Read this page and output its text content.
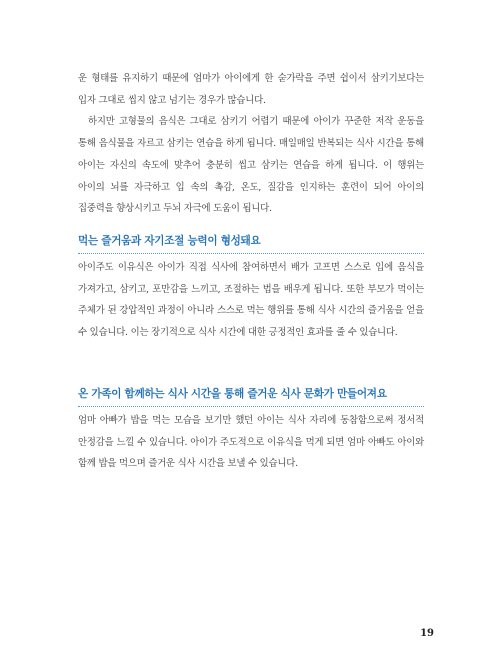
운 형태를 유지하기 때문에 엄마가 아이에게 한 숟가락을 주면 쉽이서 삼키기보다는 입자 그대로 씹지 않고 넘기는 경우가 많습니다.

하지만 고형물의 음식은 그대로 삼키기 어렵기 때문에 아이가 꾸준한 저작 운동을 통해 음식물을 자르고 삼키는 연습을 하게 됩니다. 매일매일 반복되는 식사 시간을 통해 아이는 자신의 속도에 맞추어 충분히 씹고 삼키는 연습을 하게 됩니다. 이 행위는 아이의 뇌를 자극하고 입 속의 촉감, 온도, 질감을 인지하는 훈련이 되어 아이의 집중력을 향상시키고 두뇌 자극에 도움이 됩니다.

먹는 즐거움과 자기조절 능력이 형성돼요

아이주도 이유식은 아이가 직접 식사에 참여하면서 배가 고프면 스스로 입에 음식을 가져가고, 삼키고, 포만감을 느끼고, 조절하는 법을 배우게 됩니다. 또한 부모가 먹이는 주체가 된 강압적인 과정이 아니라 스스로 먹는 행위를 통해 식사 시간의 즐거움을 얻을 수 있습니다. 이는 장기적으로 식사 시간에 대한 긍정적인 효과를 줄 수 있습니다.

온 가족이 함께하는 식사 시간을 통해 즐거운 식사 문화가 만들어져요

엄마 아빠가 밥을 먹는 모습을 보기만 했던 아이는 식사 자리에 동참함으로써 정서적 안정감을 느낄 수 있습니다. 아이가 주도적으로 이유식을 먹게 되면 엄마 아빠도 아이와 함께 밥을 먹으며 즐거운 식사 시간을 보낼 수 있습니다.

19
